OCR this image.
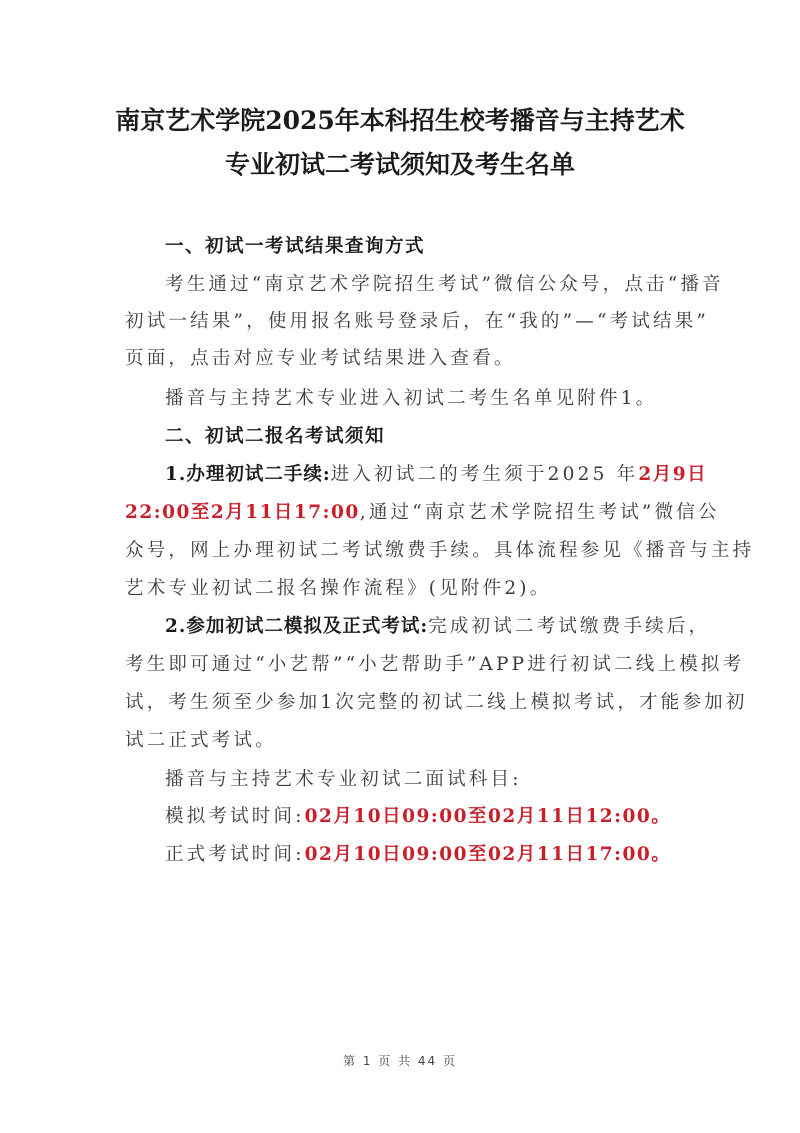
南京艺术学院2025年本科招生校考播音与主持艺术
专业初试二考试须知及考生名单
一、初试一考试结果查询方式
考生通过“南京艺术学院招生考试”微信公众号，点击“播音
初试一结果”，使用报名账号登录后，在“我的”—“考试结果”
页面，点击对应专业考试结果进入查看。
播音与主持艺术专业进入初试二考生名单见附件1。
二、初试二报名考试须知
1.办理初试二手续:进入初试二的考生须于2025 年2月9日
22:00至2月11日17:00,通过“南京艺术学院招生考试”微信公
众号，网上办理初试二考试缴费手续。具体流程参见《播音与主持
艺术专业初试二报名操作流程》(见附件2)。
2.参加初试二模拟及正式考试:完成初试二考试缴费手续后，
考生即可通过“小艺帮”“小艺帮助手”APP进行初试二线上模拟考
试，考生须至少参加1次完整的初试二线上模拟考试，才能参加初
试二正式考试。
播音与主持艺术专业初试二面试科目:
模拟考试时间:02月10日09:00至02月11日12:00。
正式考试时间:02月10日09:00至02月11日17:00。
第 1 页 共 44 页
